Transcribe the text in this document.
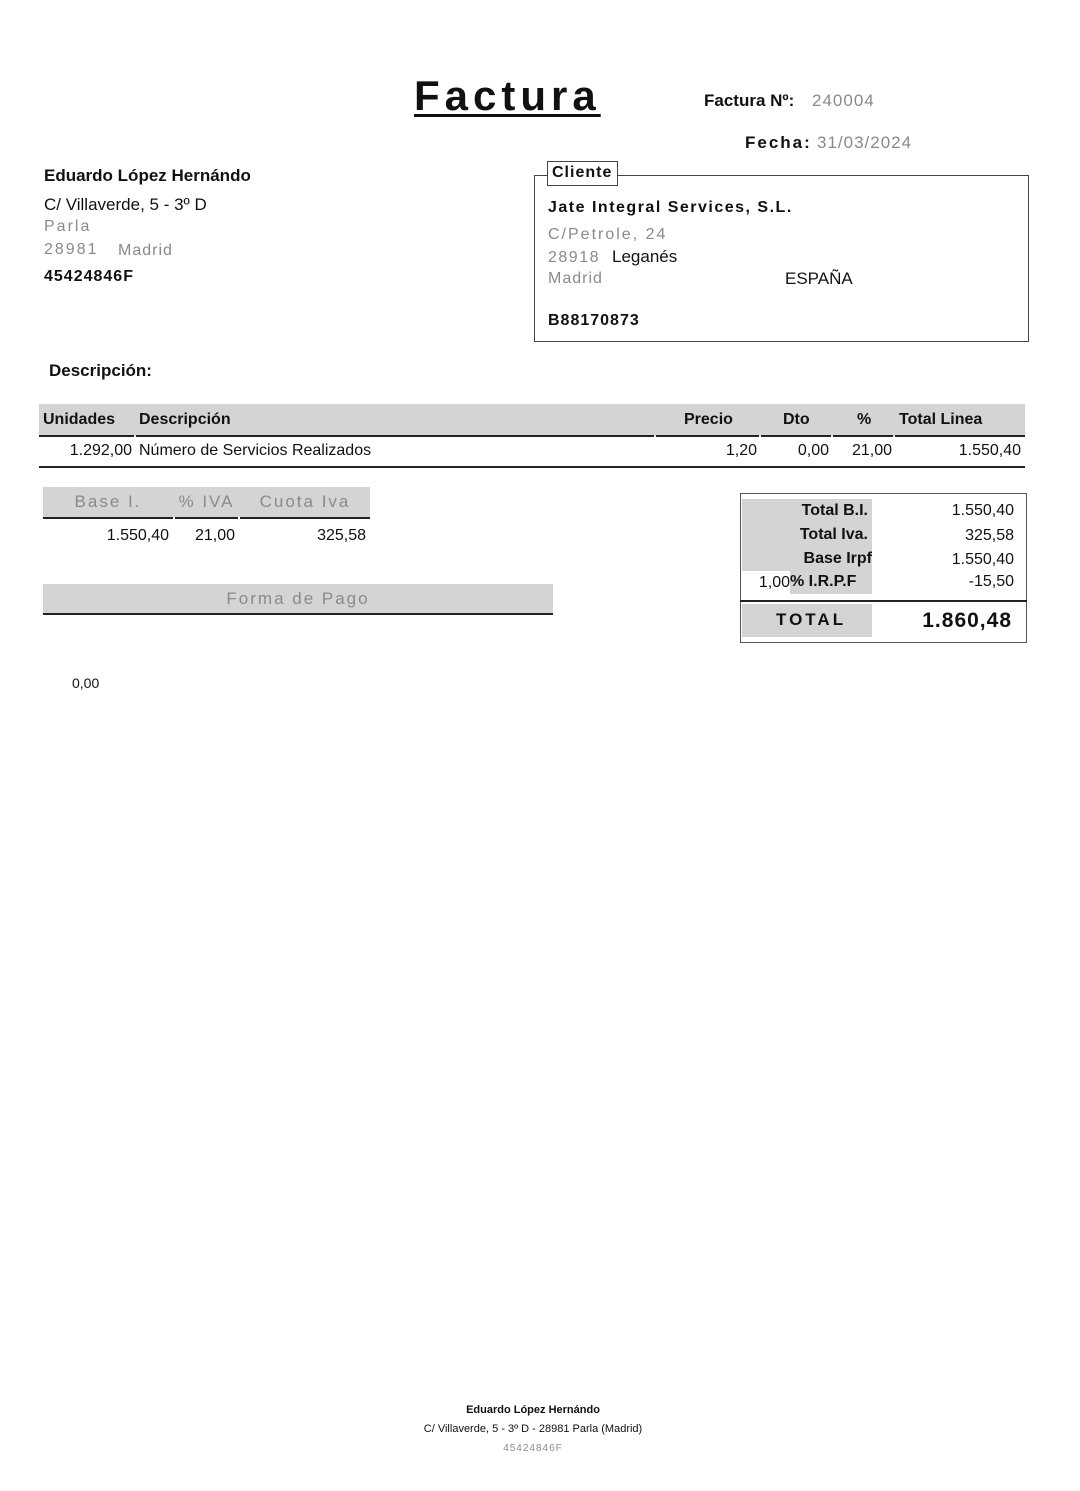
Factura	Factura Nº: 240004
Fecha: 31/03/2024
Eduardo López Hernándo
C/ Villaverde, 5 - 3º D
Parla
28981 Madrid
45424846F
Cliente
Jate Integral Services, S.L.
C/Petrole, 24
28918 Leganés
Madrid	ESPAÑA
B88170873
Descripción:
Unidades Descripción	Precio	Dto	% Total Linea
1.292,00 Número de Servicios Realizados	1,20	0,00	21,00	1.550,40
Base I.	% IVA	Cuota Iva
1.550,40	21,00	325,58
Forma de Pago
0,00
Total B.I.	1.550,40
Total Iva.	325,58
Base Irpf	1.550,40
1,00 % I.R.P.F	-15,50
TOTAL	1.860,48
Eduardo López Hernándo
C/ Villaverde, 5 - 3º D - 28981 Parla (Madrid)
45424846F
